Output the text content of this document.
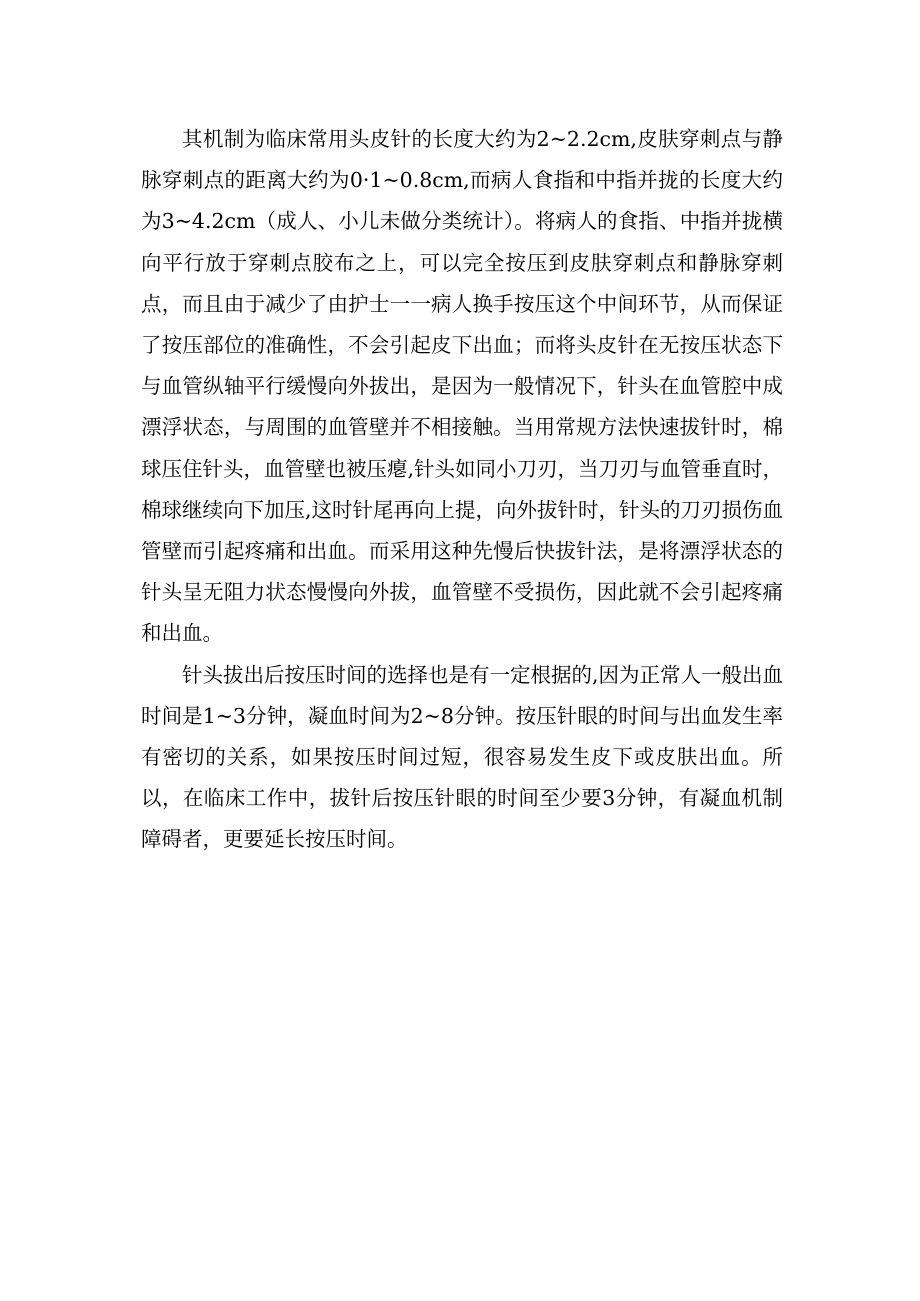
其机制为临床常用头皮针的长度大约为2~2.2cm,皮肤穿刺点与静脉穿刺点的距离大约为0·1~0.8cm,而病人食指和中指并拢的长度大约为3~4.2cm（成人、小儿未做分类统计）。将病人的食指、中指并拢横向平行放于穿刺点胶布之上，可以完全按压到皮肤穿刺点和静脉穿刺点，而且由于减少了由护士一一病人换手按压这个中间环节，从而保证了按压部位的准确性，不会引起皮下出血；而将头皮针在无按压状态下与血管纵轴平行缓慢向外拔出，是因为一般情况下，针头在血管腔中成漂浮状态，与周围的血管壁并不相接触。当用常规方法快速拔针时，棉球压住针头，血管壁也被压瘪,针头如同小刀刃，当刀刃与血管垂直时，棉球继续向下加压,这时针尾再向上提，向外拔针时，针头的刀刃损伤血管壁而引起疼痛和出血。而采用这种先慢后快拔针法，是将漂浮状态的针头呈无阻力状态慢慢向外拔，血管壁不受损伤，因此就不会引起疼痛和出血。

针头拔出后按压时间的选择也是有一定根据的,因为正常人一般出血时间是1~3分钟，凝血时间为2~8分钟。按压针眼的时间与出血发生率有密切的关系，如果按压时间过短，很容易发生皮下或皮肤出血。所以，在临床工作中，拔针后按压针眼的时间至少要3分钟，有凝血机制障碍者，更要延长按压时间。
